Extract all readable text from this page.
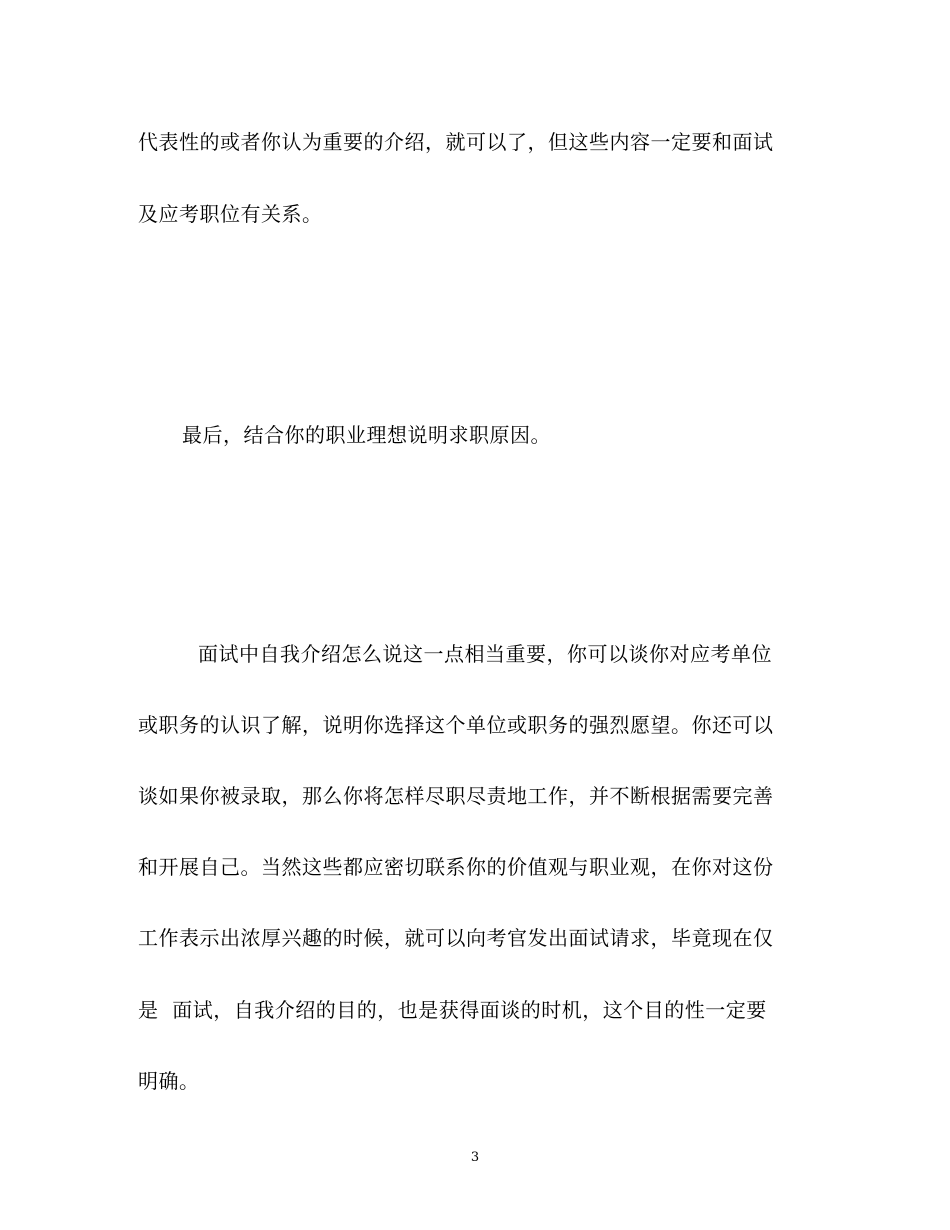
代表性的或者你认为重要的介绍，就可以了，但这些内容一定要和面试
及应考职位有关系。
最后，结合你的职业理想说明求职原因。
面试中自我介绍怎么说这一点相当重要，你可以谈你对应考单位
或职务的认识了解，说明你选择这个单位或职务的强烈愿望。你还可以
谈如果你被录取，那么你将怎样尽职尽责地工作，并不断根据需要完善
和开展自己。当然这些都应密切联系你的价值观与职业观，在你对这份
工作表示出浓厚兴趣的时候，就可以向考官发出面试请求，毕竟现在仅
是  面试，自我介绍的目的，也是获得面谈的时机，这个目的性一定要
明确。
3
